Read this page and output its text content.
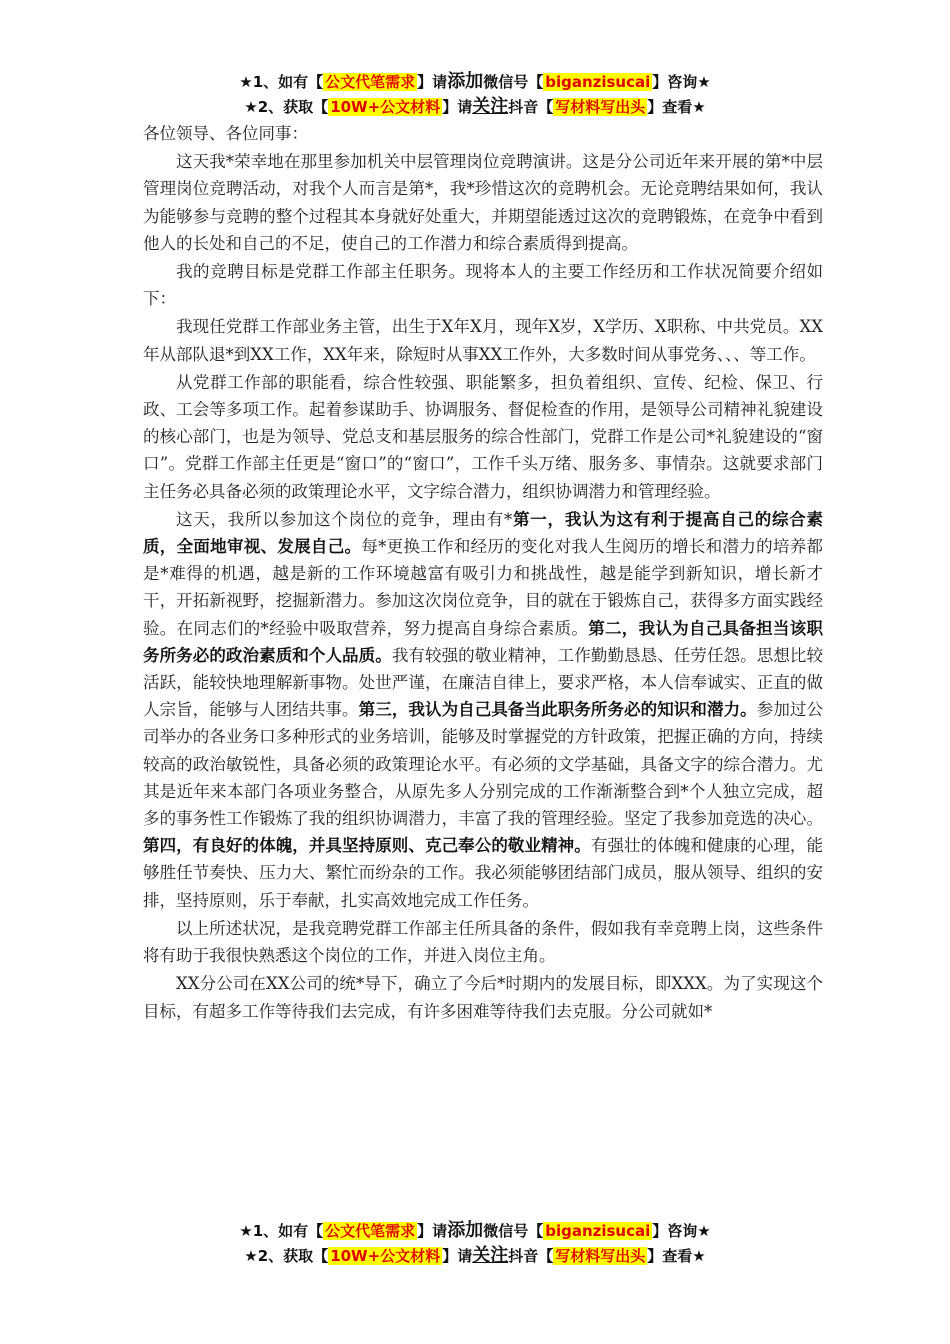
★1、如有【 公文代笔需求 】请添加微信号【 biganzisucai 】咨询★
★2、获取【 10W+公文材料 】请关注抖音【 写材料写出头 】查看★

各位领导、各位同事：

这天我*荣幸地在那里参加机关中层管理岗位竞聘演讲。这是分公司近年来开展的第*中层管理岗位竞聘活动，对我个人而言是第*，我*珍惜这次的竞聘机会。无论竞聘结果如何，我认为能够参与竞聘的整个过程其本身就好处重大，并期望能透过这次的竞聘锻炼，在竞争中看到他人的长处和自己的不足，使自己的工作潜力和综合素质得到提高。

我的竞聘目标是党群工作部主任职务。现将本人的主要工作经历和工作状况简要介绍如下：

我现任党群工作部业务主管，出生于X年X月，现年X岁，X学历、X职称、中共党员。XX年从部队退*到XX工作，XX年来，除短时从事XX工作外，大多数时间从事党务、、、等工作。

从党群工作部的职能看，综合性较强、职能繁多，担负着组织、宣传、纪检、保卫、行政、工会等多项工作。起着参谋助手、协调服务、督促检查的作用，是领导公司精神礼貌建设的核心部门，也是为领导、党总支和基层服务的综合性部门，党群工作是公司*礼貌建设的“窗口”。党群工作部主任更是“窗口”的“窗口”，工作千头万绪、服务多、事情杂。这就要求部门主任务必具备必须的政策理论水平，文字综合潜力，组织协调潜力和管理经验。

这天，我所以参加这个岗位的竞争，理由有*第一，我认为这有利于提高自己的综合素质，全面地审视、发展自己。每*更换工作和经历的变化对我人生阅历的增长和潜力的培养都是*难得的机遇，越是新的工作环境越富有吸引力和挑战性，越是能学到新知识，增长新才干，开拓新视野，挖掘新潜力。参加这次岗位竞争，目的就在于锻炼自己，获得多方面实践经验。在同志们的*经验中吸取营养，努力提高自身综合素质。第二，我认为自己具备担当该职务所务必的政治素质和个人品质。我有较强的敬业精神，工作勤勤恳恳、任劳任怨。思想比较活跃，能较快地理解新事物。处世严谨，在廉洁自律上，要求严格，本人信奉诚实、正直的做人宗旨，能够与人团结共事。第三，我认为自己具备当此职务所务必的知识和潜力。参加过公司举办的各业务口多种形式的业务培训，能够及时掌握党的方针政策，把握正确的方向，持续较高的政治敏锐性，具备必须的政策理论水平。有必须的文学基础，具备文字的综合潜力。尤其是近年来本部门各项业务整合，从原先多人分别完成的工作渐渐整合到*个人独立完成，超多的事务性工作锻炼了我的组织协调潜力，丰富了我的管理经验。坚定了我参加竞选的决心。第四，有良好的体魄，并具坚持原则、克己奉公的敬业精神。有强壮的体魄和健康的心理，能够胜任节奏快、压力大、繁忙而纷杂的工作。我必须能够团结部门成员，服从领导、组织的安排，坚持原则，乐于奉献，扎实高效地完成工作任务。

以上所述状况，是我竞聘党群工作部主任所具备的条件，假如我有幸竞聘上岗，这些条件将有助于我很快熟悉这个岗位的工作，并进入岗位主角。

XX分公司在XX公司的统*导下，确立了今后*时期内的发展目标，即XXX。为了实现这个目标，有超多工作等待我们去完成，有许多困难等待我们去克服。分公司就如*

★1、如有【 公文代笔需求 】请添加微信号【 biganzisucai 】咨询★
★2、获取【 10W+公文材料 】请关注抖音【 写材料写出头 】查看★
